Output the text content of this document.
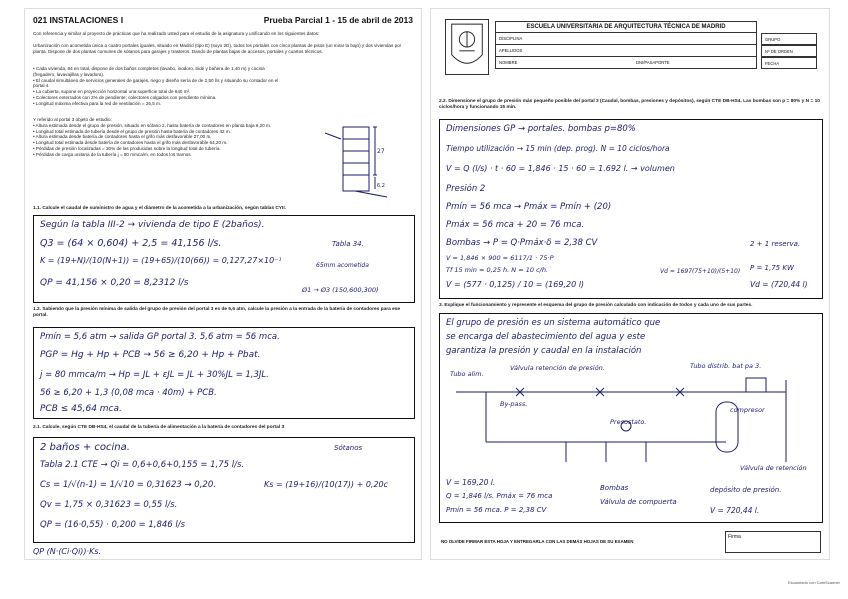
021 INSTALACIONES I	Prueba Parcial 1 - 15 de abril de 2013
Con referencia y similar al proyecto de prácticas que ha realizado usted para el estudio de la asignatura y unificando en los siguientes datos:
Urbanización con acometida única a cuatro portales iguales, situado en Madrid (tipo E) (suyo 2D), todos los portales con cinco plantas de pisos (un mirar la bajo) y dos viviendas por planta. Dispone de dos plantas comunes de sótanos para garajes y trasteros. Dando de plantas bajas de accesos, portales y cuartos técnicos.
• Cada vivienda, 84 en total, dispone de dos baños completos (lavabo, inodoro, bidé y bañera de 1,40 m) y cocina (fregadero, lavavajillas y lavadora).
• El caudal simultáneo de servicios generales de garajes, riego y diseño sería de de 2,50 l/s y situando su contador en el portal 4.
• La cubierta, supone en proyección horizontal una superficie total de 640 m².
• Colectores enterrados con 2% de pendiente; colectores colgados con pendiente mínima.
• Longitud máxima efectiva para la red de ventilación = 26,5 m.
Y referido al portal 3 objeto de estudio:
• Altura estimada desde el grupo de presión, situado en sótano 2, hasta batería de contadores en planta baja 6,20 m.
• Longitud total estimada de tubería desde el grupo de presión hasta batería de contadores 42 m.
• Altura estimada desde batería de contadores hasta el grifo más desfavorable 27,00 m.
• Longitud total estimada desde batería de contadores hasta el grifo más desfavorable 64,20 m.
• Pérdidas de presión localizadas = 30% de las producidas sobre la longitud total de tubería.
• Pérdidas de carga unitaria de la tubería j = 80 mmca/m, en todos los tramos.	27
6,2
1.1. Calcule el caudal de suministro de agua y el diámetro de la acometida a la urbanización, según tablas CYII.
Según la tabla III-2 → vivienda de tipo E (2baños).
Q3 = (64 × 0,604) + 2,5 = 41,156 l/s.
K = (19+N)/(10(N+1)) = (19+65)/(10(66)) = 0,127,27×10⁻¹
QP = 41,156 × 0,20 = 8,2312 l/s
Tabla 34.
65mm acometida
Ø1 → Ø3 (150,600,300)
1.2. Sabiendo que la presión mínima de salida del grupo de presión del portal 3 es de 5,6 atm, calcule la presión a la entrada de la batería de contadores para ese portal.
Pmín = 5,6 atm → salida GP portal 3. 5,6 atm = 56 mca.
PGP = Hg + Hp + PCB → 56 ≥ 6,20 + Hp + Pbat.
j = 80 mmca/m → Hp = JL + εJL = JL + 30%JL = 1,3JL.
56 ≥ 6,20 + 1,3 (0,08 mca · 40m) + PCB.
PCB ≤ 45,64 mca.
2.1. Calcule, según CTE DB-HS4, el caudal de la tubería de alimentación a la batería de contadores del portal 3
2 baños + cocina.
Tabla 2.1 CTE → Qi = 0,6+0,6+0,155 = 1,75 l/s.
Cs = 1/√(n-1) = 1/√10 = 0,31623 → 0,20.	Ks = (19+16)/(10(17)) + 0,20c
Qv = 1,75 × 0,31623 = 0,55 l/s.
QP = (16·0,55) · 0,200 = 1,846 l/s
Sótanos
QP (N·(Ci·Qi))·Ks.
ESCUELA UNIVERSITARIA DE ARQUITECTURA TÉCNICA DE MADRID
DISCIPLINA
APELLIDOS
NOMBRE	DNI/PASAPORTE
GRUPO
Nº DE ORDEN
FECHA
2.2. Dimensione el grupo de presión más pequeño posible del portal 3 (Caudal, bombas, presiones y depósitos), según CTE DB-HS4. Las bombas son p = 80% y N = 10 ciclos/hora y funcionando 15 min.
Dimensiones GP → portales. bombas p=80%
Tiempo utilización → 15 min (dep. prog). N = 10 ciclos/hora
V = Q (l/s) · t · 60 = 1,846 · 15 · 60 = 1.692 l. → volumen
Presión 2
Pmín = 56 mca → Pmáx = Pmín + (20)
Pmáx = 56 mca + 20 = 76 mca.
Bombas → P = Q·Pmáx·δ = 2,38 CV
V = 1,846 × 900 = 6117/1 · 75·P
Tf 15 min = 0,25 h. N = 10 c/h.
V = (577 · 0,125) / 10 = (169,20 l)
Vd = 1697(75+10)/(5+10) P = 1,75 KW
Vd = (720,44 l)
2 + 1 reserva.
3. Explique el funcionamiento y represente el esquema del grupo de presión calculado con indicación de todos y cada uno de sus partes.
El grupo de presión es un sistema automático que
se encarga del abastecimiento del agua y este
garantiza la presión y caudal en la instalación
Tubo alim.
Válvula retención de presión.	Tubo distrib. bat pa 3.
compresor
By-pass.
Presostato.
Bombas
Válvula de compuerta
depósito de presión.
Válvula de retención
V = 169,20 l.
Q = 1,846 l/s. Pmáx = 76 mca
Pmín = 56 mca. P = 2,38 CV	V = 720,44 l.
NO OLVIDE FIRMAR ESTA HOJA Y ENTREGARLA CON LAS DEMÁS HOJAS DE SU EXAMEN
Firma
Escaneado con CamScanner
